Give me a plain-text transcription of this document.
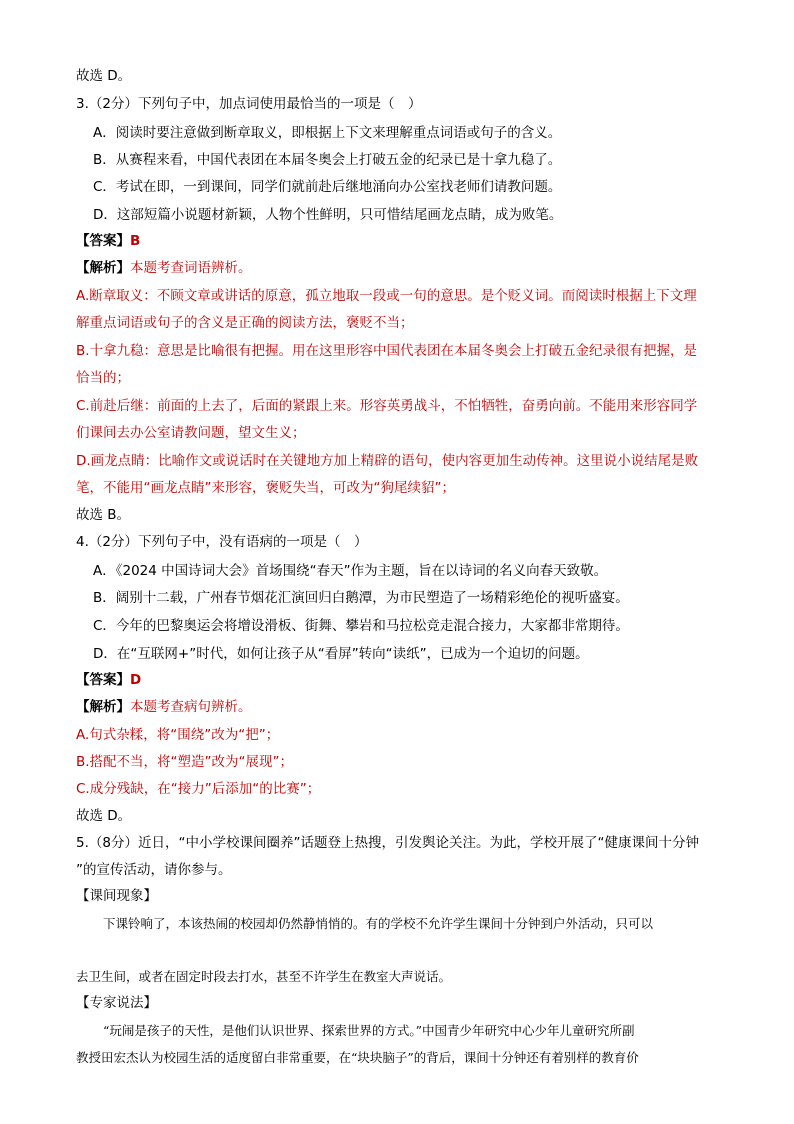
故选 D。
3.（2分）下列句子中，加点词使用最恰当的一项是（　）
A．阅读时要注意做到断章取义，即根据上下文来理解重点词语或句子的含义。
B．从赛程来看，中国代表团在本届冬奥会上打破五金的纪录已是十拿九稳了。
C．考试在即，一到课间，同学们就前赴后继地涌向办公室找老师们请教问题。
D．这部短篇小说题材新颖，人物个性鲜明，只可惜结尾画龙点睛，成为败笔。
【答案】B
【解析】本题考查词语辨析。
A.断章取义：不顾文章或讲话的原意，孤立地取一段或一句的意思。是个贬义词。而阅读时根据上下文理
解重点词语或句子的含义是正确的阅读方法，褒贬不当；
B.十拿九稳：意思是比喻很有把握。用在这里形容中国代表团在本届冬奥会上打破五金纪录很有把握，是
恰当的；
C.前赴后继：前面的上去了，后面的紧跟上来。形容英勇战斗，不怕牺牲，奋勇向前。不能用来形容同学
们课间去办公室请教问题，望文生义；
D.画龙点睛：比喻作文或说话时在关键地方加上精辟的语句，使内容更加生动传神。这里说小说结尾是败
笔，不能用“画龙点睛”来形容，褒贬失当，可改为“狗尾续貂”；
故选 B。
4.（2分）下列句子中，没有语病的一项是（　）
A．《2024 中国诗词大会》首场围绕“春天”作为主题，旨在以诗词的名义向春天致敬。
B．阔别十二载，广州春节烟花汇演回归白鹅潭，为市民塑造了一场精彩绝伦的视听盛宴。
C．今年的巴黎奥运会将增设滑板、街舞、攀岩和马拉松竞走混合接力，大家都非常期待。
D．在“互联网+”时代，如何让孩子从“看屏”转向“读纸”，已成为一个迫切的问题。
【答案】D
【解析】本题考查病句辨析。
A.句式杂糅，将“围绕”改为“把”；
B.搭配不当，将“塑造”改为“展现”；
C.成分残缺，在“接力”后添加“的比赛”；
故选 D。
5.（8分）近日，“中小学校课间圈养”话题登上热搜，引发舆论关注。为此，学校开展了“健康课间十分钟
”的宣传活动，请你参与。
【课间现象】
下课铃响了，本该热闹的校园却仍然静悄悄的。有的学校不允许学生课间十分钟到户外活动，只可以
去卫生间，或者在固定时段去打水，甚至不许学生在教室大声说话。
【专家说法】
“玩闹是孩子的天性，是他们认识世界、探索世界的方式。”中国青少年研究中心少年儿童研究所副
教授田宏杰认为校园生活的适度留白非常重要，在“块块脑子”的背后，课间十分钟还有着别样的教育价
